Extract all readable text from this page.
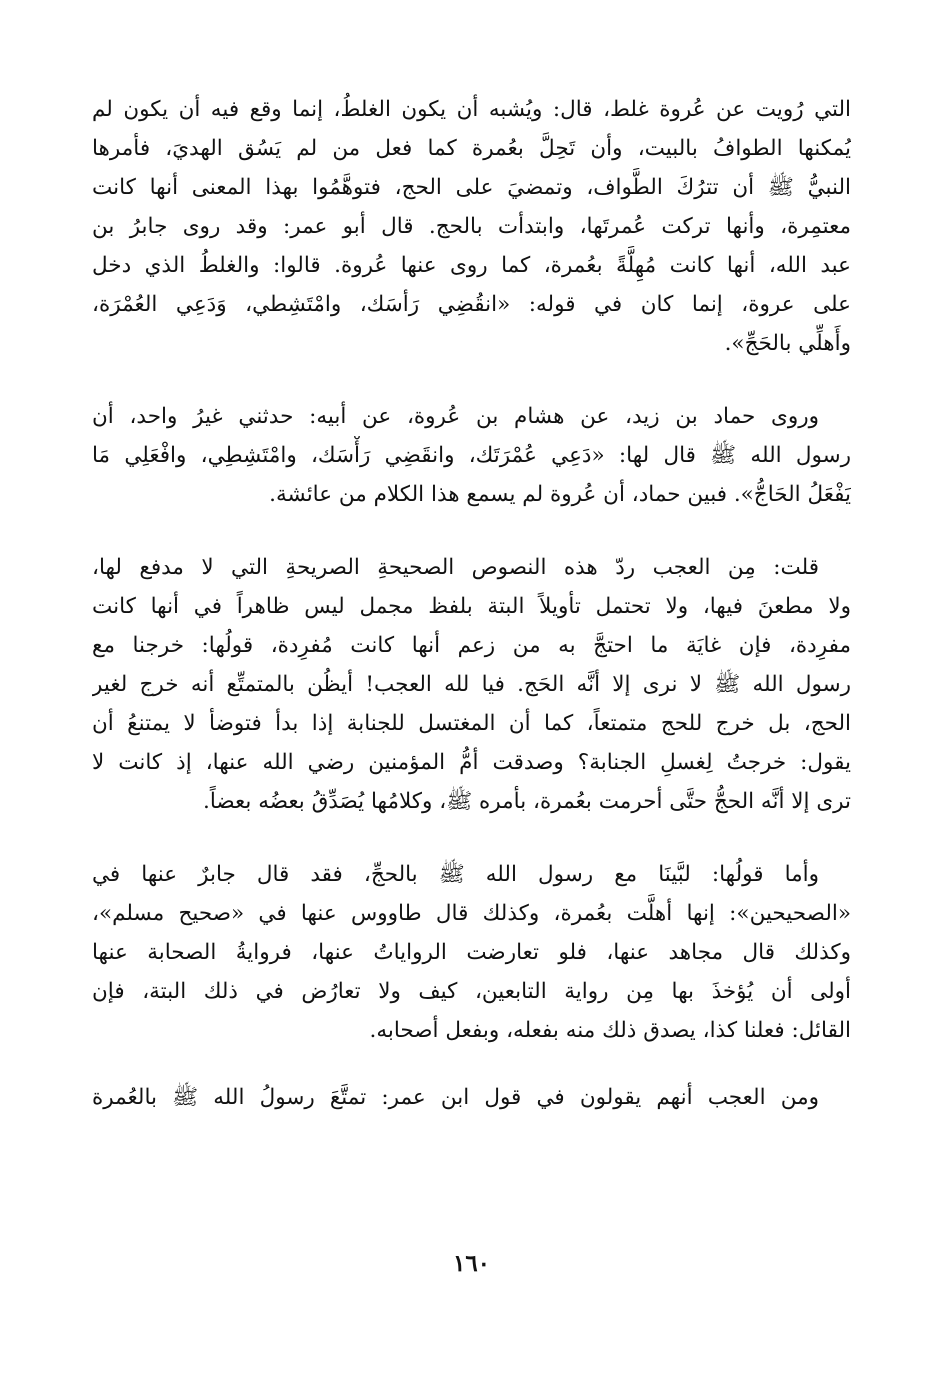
التي رُويت عن عُروة غلط، قال: ويُشبه أن يكون الغلطُ، إنما وقع فيه أن يكون لم
يُمكنها الطوافُ بالبيت، وأن تَحِلَّ بعُمرة كما فعل من لم يَسُق الهديَ، فأمرها
النبيُّ ﷺ أن تترُكَ الطَّواف، وتمضيَ على الحج، فتوهَّمُوا بهذا المعنى أنها كانت
معتمِرة، وأنها تركت عُمرتَها، وابتدأت بالحج. قال أبو عمر: وقد روى جابرُ بن
عبد الله، أنها كانت مُهِلَّةً بعُمرة، كما روى عنها عُروة. قالوا: والغلطُ الذي دخل
على عروة، إنما كان في قوله: «انقُضِي رَأسَك، وامْتَشِطي، وَدَعِي العُمْرَة،
وأَهلِّي بالحَجِّ».
وروى حماد بن زيد، عن هشام بن عُروة، عن أبيه: حدثني غيرُ واحد، أن
رسول الله ﷺ قال لها: «دَعِي عُمْرَتَك، وانقَضِي رَأْسَك، وامْتَشِطِي، وافْعَلِي مَا
يَفْعَلُ الحَاجُّ». فبين حماد، أن عُروة لم يسمع هذا الكلام من عائشة.
قلت: مِن العجب ردّ هذه النصوص الصحيحةِ الصريحةِ التي لا مدفع لها،
ولا مطعنَ فيها، ولا تحتمل تأويلاً البتة بلفظ مجمل ليس ظاهراً في أنها كانت
مفرِدة، فإن غايَة ما احتجَّ به من زعم أنها كانت مُفرِدة، قولُها: خرجنا مع
رسول الله ﷺ لا نرى إلا أنَّه الحَج. فيا لله العجب! أيظُن بالمتمتِّع أنه خرج لغير
الحج، بل خرج للحج متمتعاً، كما أن المغتسل للجنابة إذا بدأ فتوضأ لا يمتنعُ أن
يقول: خرجتُ لِغسلِ الجنابة؟ وصدقت أمُّ المؤمنين رضي الله عنها، إذ كانت لا
ترى إلا أنَّه الحجُّ حتَّى أحرمت بعُمرة، بأمره ﷺ، وكلامُها يُصَدِّقُ بعضُه بعضاً.
وأما قولُها: لبَّينَا مع رسول الله ﷺ بالحجِّ، فقد قال جابرٌ عنها في
«الصحيحين»: إنها أهلَّت بعُمرة، وكذلك قال طاووس عنها في «صحيح مسلم»،
وكذلك قال مجاهد عنها، فلو تعارضت الرواياتُ عنها، فروايةُ الصحابة عنها
أولى أن يُؤخذَ بها مِن رواية التابعين، كيف ولا تعارُض في ذلك البتة، فإن
القائل: فعلنا كذا، يصدق ذلك منه بفعله، وبفعل أصحابه.
ومن العجب أنهم يقولون في قول ابن عمر: تمتَّعَ رسولُ الله ﷺ بالعُمرة
١٦٠
